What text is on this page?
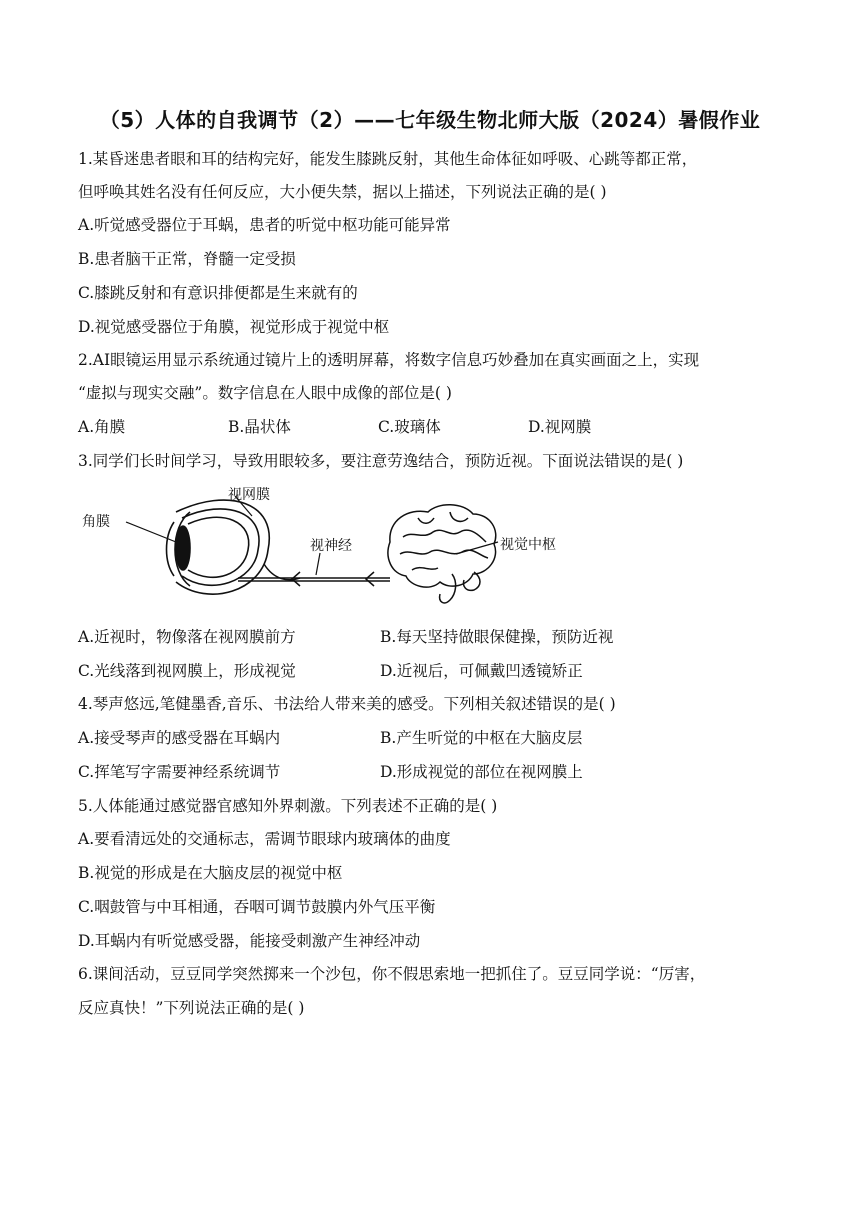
（5）人体的自我调节（2）——七年级生物北师大版（2024）暑假作业
1.某昏迷患者眼和耳的结构完好，能发生膝跳反射，其他生命体征如呼吸、心跳等都正常，
但呼唤其姓名没有任何反应，大小便失禁，据以上描述，下列说法正确的是( )
A.听觉感受器位于耳蜗，患者的听觉中枢功能可能异常
B.患者脑干正常，脊髓一定受损
C.膝跳反射和有意识排便都是生来就有的
D.视觉感受器位于角膜，视觉形成于视觉中枢
2.AI眼镜运用显示系统通过镜片上的透明屏幕，将数字信息巧妙叠加在真实画面之上，实现
“虚拟与现实交融”。数字信息在人眼中成像的部位是( )
A.角膜	B.晶状体	C.玻璃体	D.视网膜
3.同学们长时间学习，导致用眼较多，要注意劳逸结合，预防近视。下面说法错误的是( )
角膜
视网膜
视神经	视觉中枢
A.近视时，物像落在视网膜前方	B.每天坚持做眼保健操，预防近视
C.光线落到视网膜上，形成视觉	D.近视后，可佩戴凹透镜矫正
4.琴声悠远,笔健墨香,音乐、书法给人带来美的感受。下列相关叙述错误的是( )
A.接受琴声的感受器在耳蜗内	B.产生听觉的中枢在大脑皮层
C.挥笔写字需要神经系统调节	D.形成视觉的部位在视网膜上
5.人体能通过感觉器官感知外界刺激。下列表述不正确的是( )
A.要看清远处的交通标志，需调节眼球内玻璃体的曲度
B.视觉的形成是在大脑皮层的视觉中枢
C.咽鼓管与中耳相通，吞咽可调节鼓膜内外气压平衡
D.耳蜗内有听觉感受器，能接受刺激产生神经冲动
6.课间活动，豆豆同学突然掷来一个沙包，你不假思索地一把抓住了。豆豆同学说：“厉害，
反应真快！”下列说法正确的是( )
